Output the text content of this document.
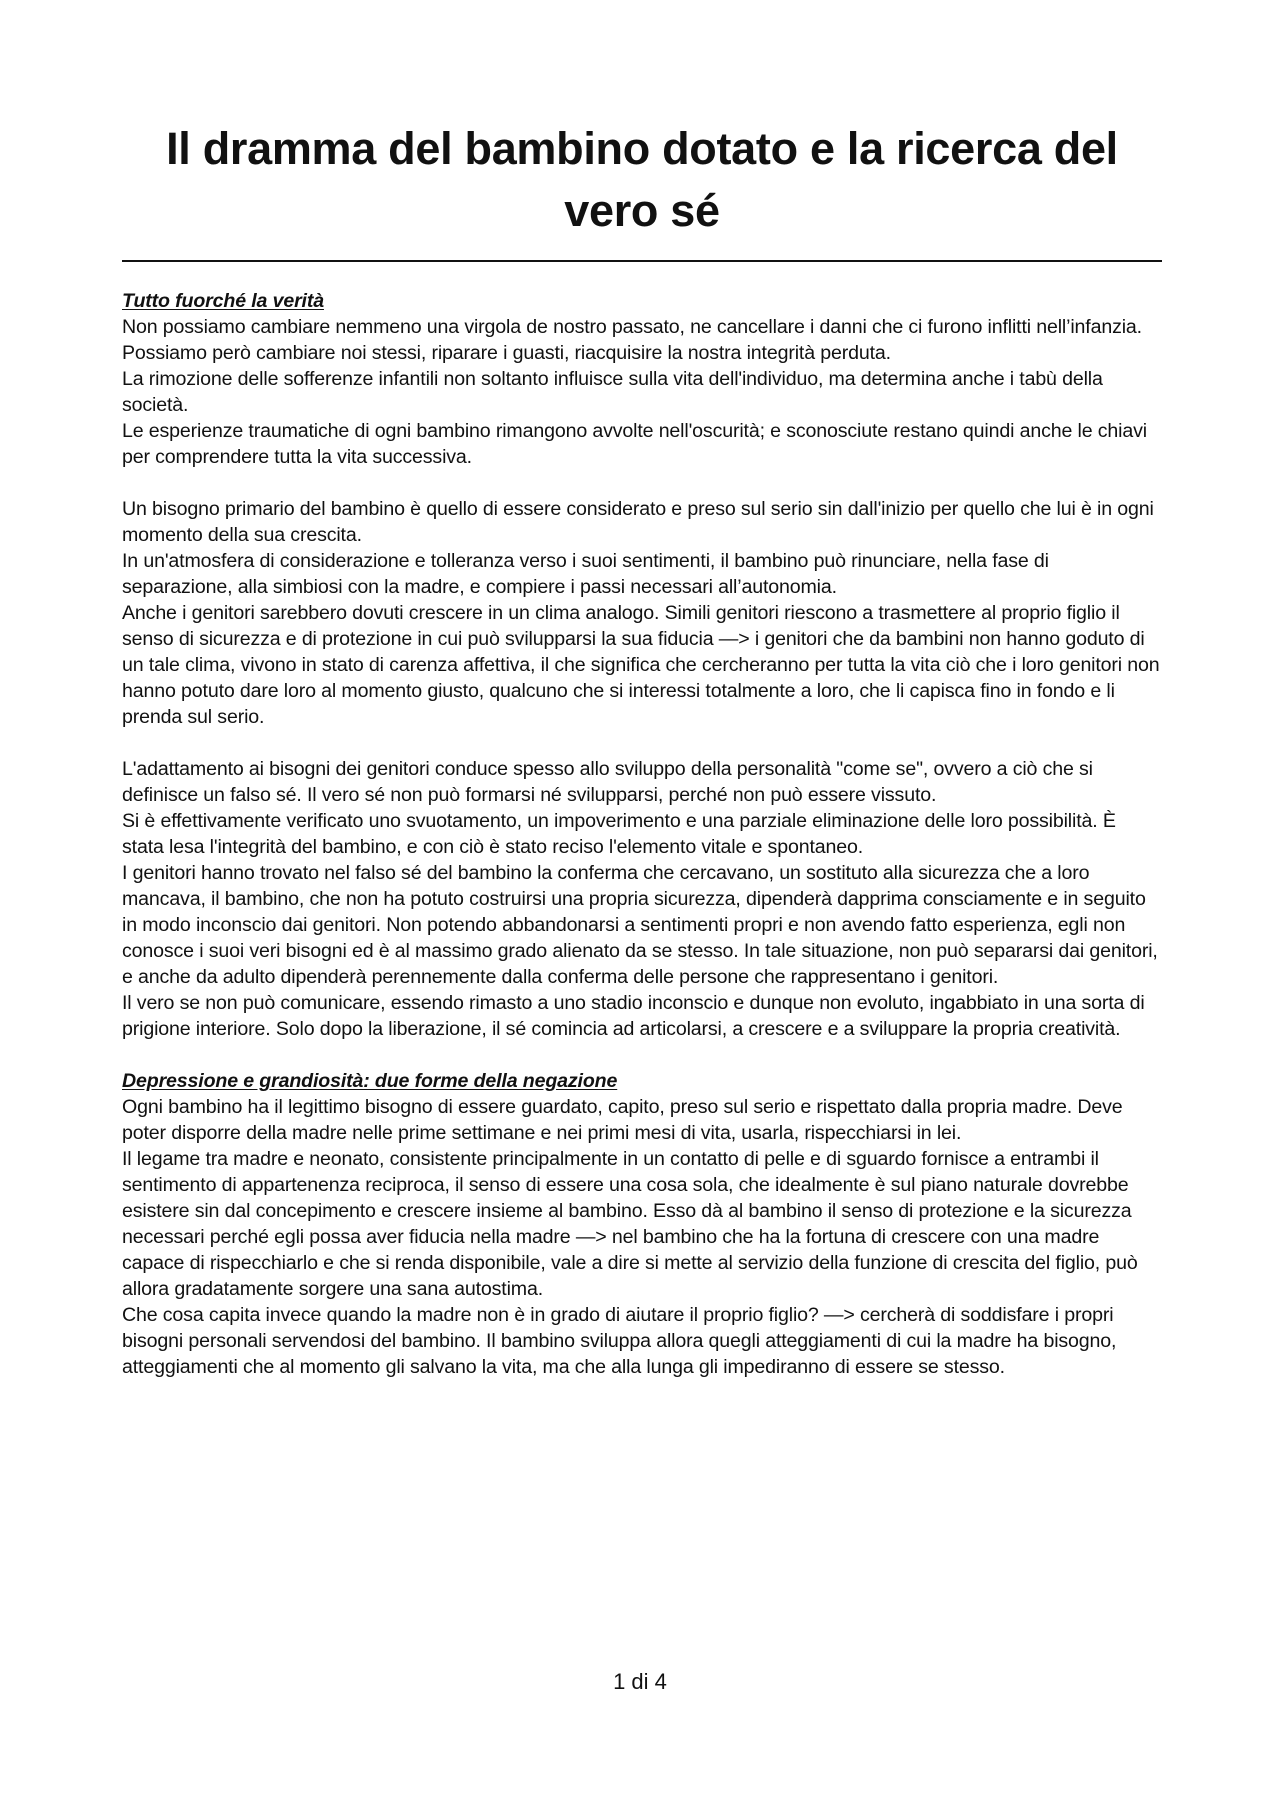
Il dramma del bambino dotato e la ricerca del vero sé
Tutto fuorché la verità

Non possiamo cambiare nemmeno una virgola de nostro passato, ne cancellare i danni che ci furono inflitti nell’infanzia. Possiamo però cambiare noi stessi, riparare i guasti, riacquisire la nostra integrità perduta.

La rimozione delle sofferenze infantili non soltanto influisce sulla vita dell'individuo, ma determina anche i tabù della società.

Le esperienze traumatiche di ogni bambino rimangono avvolte nell'oscurità; e sconosciute restano quindi anche le chiavi per comprendere tutta la vita successiva.

Un bisogno primario del bambino è quello di essere considerato e preso sul serio sin dall'inizio per quello che lui è in ogni momento della sua crescita.

In un'atmosfera di considerazione e tolleranza verso i suoi sentimenti, il bambino può rinunciare, nella fase di separazione, alla simbiosi con la madre, e compiere i passi necessari all’autonomia.

Anche i genitori sarebbero dovuti crescere in un clima analogo. Simili genitori riescono a trasmettere al proprio figlio il senso di sicurezza e di protezione in cui può svilupparsi la sua fiducia —> i genitori che da bambini non hanno goduto di un tale clima, vivono in stato di carenza affettiva, il che significa che cercheranno per tutta la vita ciò che i loro genitori non hanno potuto dare loro al momento giusto, qualcuno che si interessi totalmente a loro, che li capisca fino in fondo e li prenda sul serio.

L'adattamento ai bisogni dei genitori conduce spesso allo sviluppo della personalità "come se", ovvero a ciò che si definisce un falso sé. Il vero sé non può formarsi né svilupparsi, perché non può essere vissuto.

Si è effettivamente verificato uno svuotamento, un impoverimento e una parziale eliminazione delle loro possibilità. È stata lesa l'integrità del bambino, e con ciò è stato reciso l'elemento vitale e spontaneo.

I genitori hanno trovato nel falso sé del bambino la conferma che cercavano, un sostituto alla sicurezza che a loro mancava, il bambino, che non ha potuto costruirsi una propria sicurezza, dipenderà dapprima consciamente e in seguito in modo inconscio dai genitori. Non potendo abbandonarsi a sentimenti propri e non avendo fatto esperienza, egli non conosce i suoi veri bisogni ed è al massimo grado alienato da se stesso. In tale situazione, non può separarsi dai genitori, e anche da adulto dipenderà perennemente dalla conferma delle persone che rappresentano i genitori.

Il vero se non può comunicare, essendo rimasto a uno stadio inconscio e dunque non evoluto, ingabbiato in una sorta di prigione interiore. Solo dopo la liberazione, il sé comincia ad articolarsi, a crescere e a sviluppare la propria creatività.

Depressione e grandiosità: due forme della negazione

Ogni bambino ha il legittimo bisogno di essere guardato, capito, preso sul serio e rispettato dalla propria madre. Deve poter disporre della madre nelle prime settimane e nei primi mesi di vita, usarla, rispecchiarsi in lei.

Il legame tra madre e neonato, consistente principalmente in un contatto di pelle e di sguardo fornisce a entrambi il sentimento di appartenenza reciproca, il senso di essere una cosa sola, che idealmente è sul piano naturale dovrebbe esistere sin dal concepimento e crescere insieme al bambino. Esso dà al bambino il senso di protezione e la sicurezza necessari perché egli possa aver fiducia nella madre —> nel bambino che ha la fortuna di crescere con una madre capace di rispecchiarlo e che si renda disponibile, vale a dire si mette al servizio della funzione di crescita del figlio, può allora gradatamente sorgere una sana autostima.

Che cosa capita invece quando la madre non è in grado di aiutare il proprio figlio? —> cercherà di soddisfare i propri bisogni personali servendosi del bambino. Il bambino sviluppa allora quegli atteggiamenti di cui la madre ha bisogno, atteggiamenti che al momento gli salvano la vita, ma che alla lunga gli impediranno di essere se stesso.

1 di 4
